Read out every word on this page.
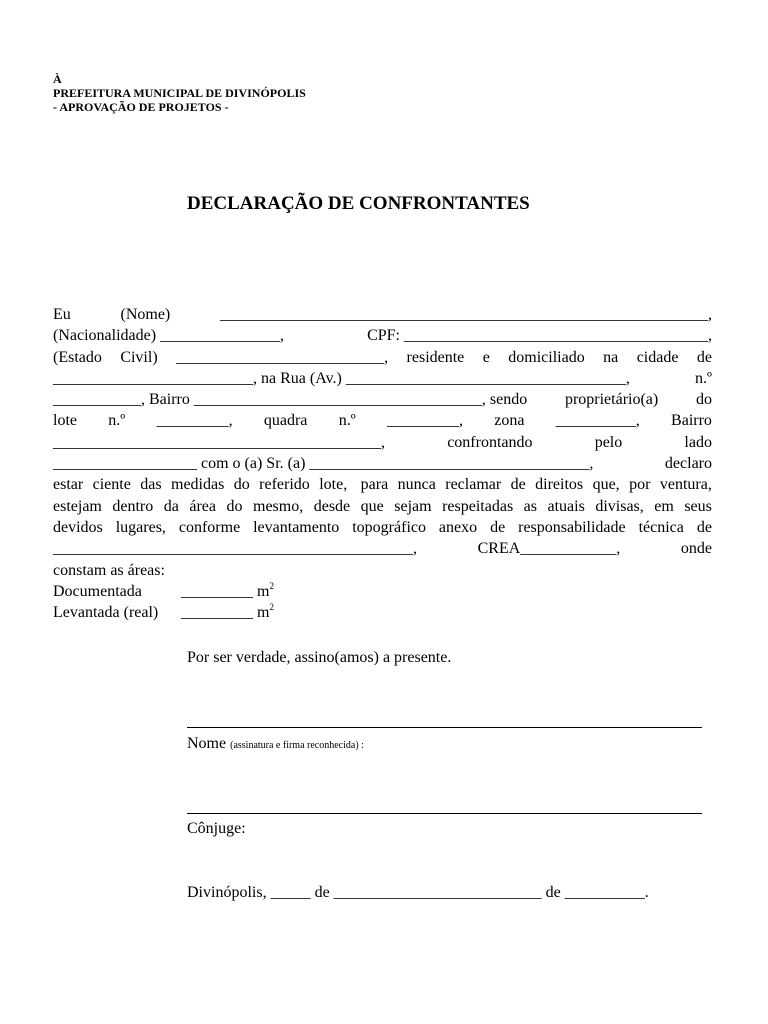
À
PREFEITURA MUNICIPAL DE DIVINÓPOLIS
- APROVAÇÃO DE PROJETOS -
DECLARAÇÃO DE CONFRONTANTES
Eu	(Nome)	_____________________________________________________________,
(Nacionalidade) _______________,	CPF: ______________________________________,
(Estado Civil) __________________________, residente e domiciliado na cidade de
_________________________, na Rua (Av.) ___________________________________,	n.º
___________, Bairro ____________________________________, sendo proprietário(a) do
lote n.º _________, quadra n.º _________, zona __________, Bairro
_________________________________________,	confrontando	pelo	lado
__________________ com o (a) Sr. (a) ___________________________________,	declaro
estar ciente das medidas do referido lote, para nunca reclamar de direitos que, por ventura,
estejam dentro da área do mesmo, desde que sejam respeitadas as atuais divisas, em seus
devidos lugares, conforme levantamento topográfico anexo de responsabilidade técnica de
_____________________________________________,	CREA____________,	onde
constam as áreas:
Documentada _________ $m^2$
Levantada (real) _________ $m^2$
Por ser verdade, assino(amos) a presente.
Nome (assinatura e firma reconhecida) :
Cônjuge:
Divinópolis, _____ de __________________________ de __________.
